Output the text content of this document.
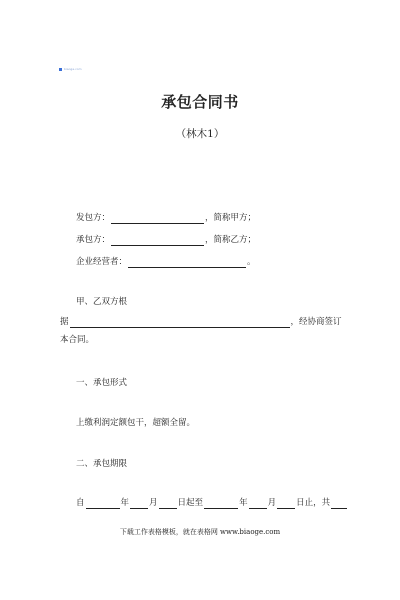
biaoge.com
承包合同书
（林木1）
发包方：	，简称甲方；
承包方：	，简称乙方；
企业经营者：	。
甲、乙双方根
据	，经协商签订
本合同。
一、承包形式
上缴利润定额包干，超额全留。
二、承包期限
自	年 月 日起至	年 月 日止，共
下载工作表格模板，就在表格网 www.biaoge.com
